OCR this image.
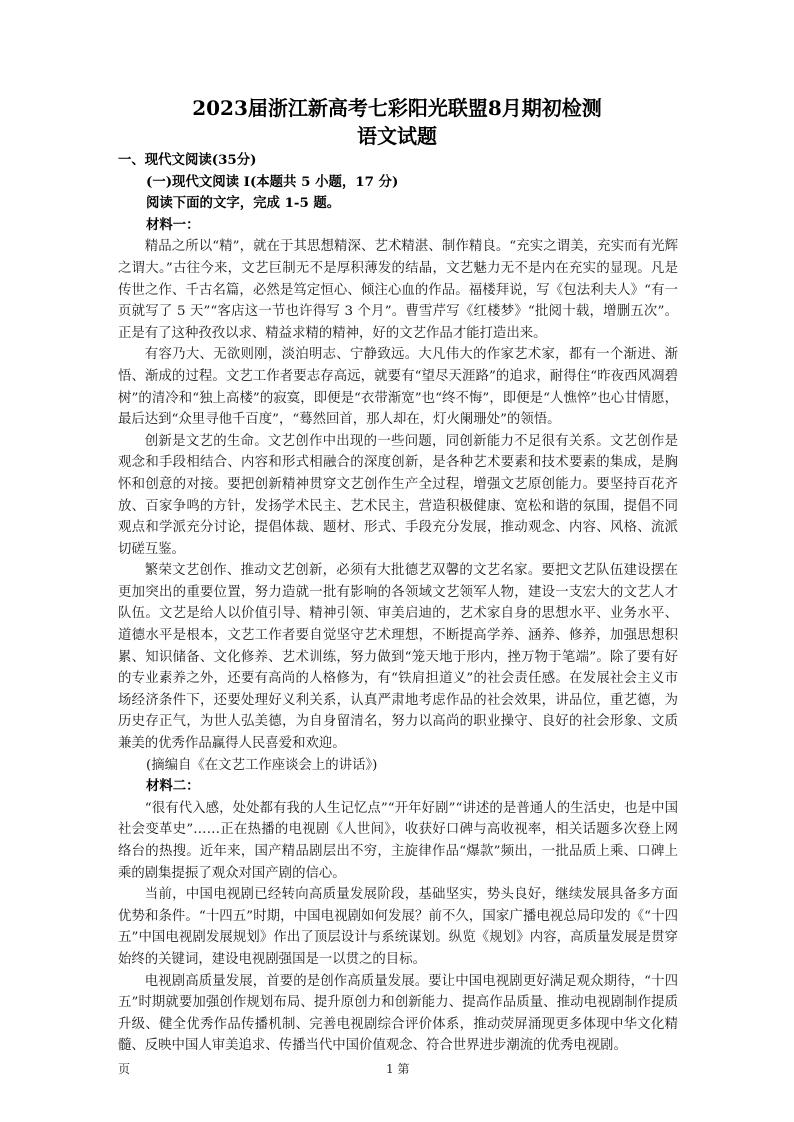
2023届浙江新高考七彩阳光联盟8月期初检测
语文试题

一、现代文阅读(35分)

(一)现代文阅读 I(本题共 5 小题，17 分)

阅读下面的文字，完成 1-5 题。

材料一：

精品之所以“精”，就在于其思想精深、艺术精湛、制作精良。“充实之谓美，充实而有光辉之谓大。”古往今来，文艺巨制无不是厚积薄发的结晶，文艺魅力无不是内在充实的显现。凡是传世之作、千古名篇，必然是笃定恒心、倾注心血的作品。福楼拜说，写《包法利夫人》“有一页就写了 5 天”“客店这一节也许得写 3 个月”。曹雪芹写《红楼梦》“批阅十载，增删五次”。正是有了这种孜孜以求、精益求精的精神，好的文艺作品才能打造出来。

有容乃大、无欲则刚，淡泊明志、宁静致远。大凡伟大的作家艺术家，都有一个渐进、渐悟、渐成的过程。文艺工作者要志存高远，就要有“望尽天涯路”的追求，耐得住“昨夜西风凋碧树”的清冷和“独上高楼”的寂寞，即便是“衣带渐宽”也“终不悔”，即便是“人憔悴”也心甘情愿，最后达到“众里寻他千百度”，“蓦然回首，那人却在，灯火阑珊处”的领悟。

创新是文艺的生命。文艺创作中出现的一些问题，同创新能力不足很有关系。文艺创作是观念和手段相结合、内容和形式相融合的深度创新，是各种艺术要素和技术要素的集成，是胸怀和创意的对接。要把创新精神贯穿文艺创作生产全过程，增强文艺原创能力。要坚持百花齐放、百家争鸣的方针，发扬学术民主、艺术民主，营造积极健康、宽松和谐的氛围，提倡不同观点和学派充分讨论，提倡体裁、题材、形式、手段充分发展，推动观念、内容、风格、流派切磋互鉴。

繁荣文艺创作、推动文艺创新，必须有大批德艺双馨的文艺名家。要把文艺队伍建设摆在更加突出的重要位置，努力造就一批有影响的各领域文艺领军人物，建设一支宏大的文艺人才队伍。文艺是给人以价值引导、精神引领、审美启迪的，艺术家自身的思想水平、业务水平、道德水平是根本，文艺工作者要自觉坚守艺术理想，不断提高学养、涵养、修养，加强思想积累、知识储备、文化修养、艺术训练，努力做到“笼天地于形内，挫万物于笔端”。除了要有好的专业素养之外，还要有高尚的人格修为，有“铁肩担道义”的社会责任感。在发展社会主义市场经济条件下，还要处理好义利关系，认真严肃地考虑作品的社会效果，讲品位，重艺德，为历史存正气，为世人弘美德，为自身留清名，努力以高尚的职业操守、良好的社会形象、文质兼美的优秀作品赢得人民喜爱和欢迎。

(摘编自《在文艺工作座谈会上的讲话》)

材料二：

“很有代入感，处处都有我的人生记忆点”“开年好剧”“讲述的是普通人的生活史，也是中国社会变革史”……正在热播的电视剧《人世间》，收获好口碑与高收视率，相关话题多次登上网络台的热搜。近年来，国产精品剧层出不穷，主旋律作品“爆款”频出，一批品质上乘、口碑上乘的剧集提振了观众对国产剧的信心。

当前，中国电视剧已经转向高质量发展阶段，基础坚实，势头良好，继续发展具备多方面优势和条件。“十四五”时期，中国电视剧如何发展？前不久，国家广播电视总局印发的《“十四五”中国电视剧发展规划》作出了顶层设计与系统谋划。纵览《规划》内容，高质量发展是贯穿始终的关键词，建设电视剧强国是一以贯之的目标。

电视剧高质量发展，首要的是创作高质量发展。要让中国电视剧更好满足观众期待，“十四五”时期就要加强创作规划布局、提升原创力和创新能力、提高作品质量、推动电视剧制作提质升级、健全优秀作品传播机制、完善电视剧综合评价体系，推动荧屏涌现更多体现中华文化精髓、反映中国人审美追求、传播当代中国价值观念、符合世界进步潮流的优秀电视剧。

页	1 第
